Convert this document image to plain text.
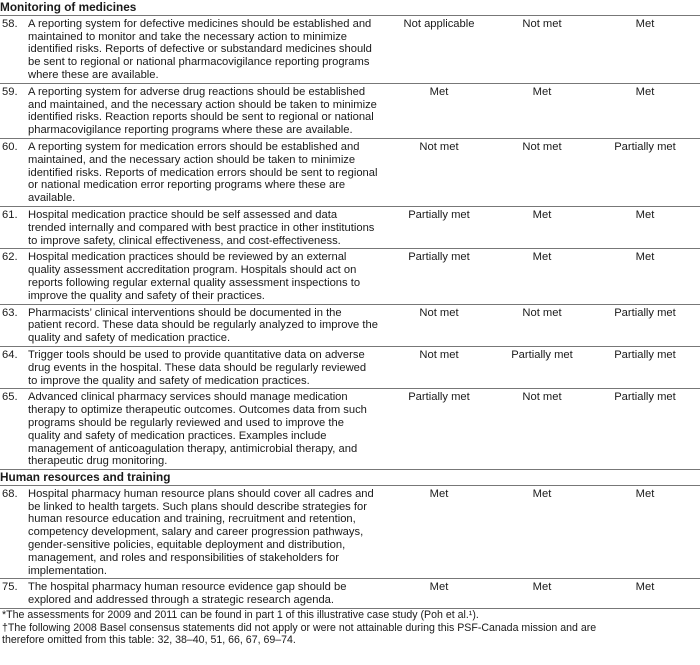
Monitoring of medicines			

58. A reporting system for defective medicines should be established and maintained to monitor and take the necessary action to minimize identified risks. Reports of defective or substandard medicines should be sent to regional or national pharmacovigilance reporting programs where these are available.	Not applicable	Not met	Met

59. A reporting system for adverse drug reactions should be established and maintained, and the necessary action should be taken to minimize identified risks. Reaction reports should be sent to regional or national pharmacovigilance reporting programs where these are available.	Met	Met	Met

60. A reporting system for medication errors should be established and maintained, and the necessary action should be taken to minimize identified risks. Reports of medication errors should be sent to regional or national medication error reporting programs where these are available.	Not met	Not met	Partially met

61. Hospital medication practice should be self assessed and data trended internally and compared with best practice in other institutions to improve safety, clinical effectiveness, and cost-effectiveness.	Partially met	Met	Met

62. Hospital medication practices should be reviewed by an external quality assessment accreditation program. Hospitals should act on reports following regular external quality assessment inspections to improve the quality and safety of their practices.	Partially met	Met	Met

63. Pharmacists’ clinical interventions should be documented in the patient record. These data should be regularly analyzed to improve the quality and safety of medication practice.	Not met	Not met	Partially met

64. Trigger tools should be used to provide quantitative data on adverse drug events in the hospital. These data should be regularly reviewed to improve the quality and safety of medication practices.	Not met	Partially met	Partially met

65. Advanced clinical pharmacy services should manage medication therapy to optimize therapeutic outcomes. Outcomes data from such programs should be regularly reviewed and used to improve the quality and safety of medication practices. Examples include management of anticoagulation therapy, antimicrobial therapy, and therapeutic drug monitoring.	Partially met	Not met	Partially met
Human resources and training			

68. Hospital pharmacy human resource plans should cover all cadres and be linked to health targets. Such plans should describe strategies for human resource education and training, recruitment and retention, competency development, salary and career progression pathways, gender-sensitive policies, equitable deployment and distribution, management, and roles and responsibilities of stakeholders for implementation.	Met	Met	Met

75. The hospital pharmacy human resource evidence gap should be explored and addressed through a strategic research agenda.	Met	Met	Met
*The assessments for 2009 and 2011 can be found in part 1 of this illustrative case study (Poh et al.¹).
†The following 2008 Basel consensus statements did not apply or were not attainable during this PSF-Canada mission and are
therefore omitted from this table: 32, 38–40, 51, 66, 67, 69–74.
